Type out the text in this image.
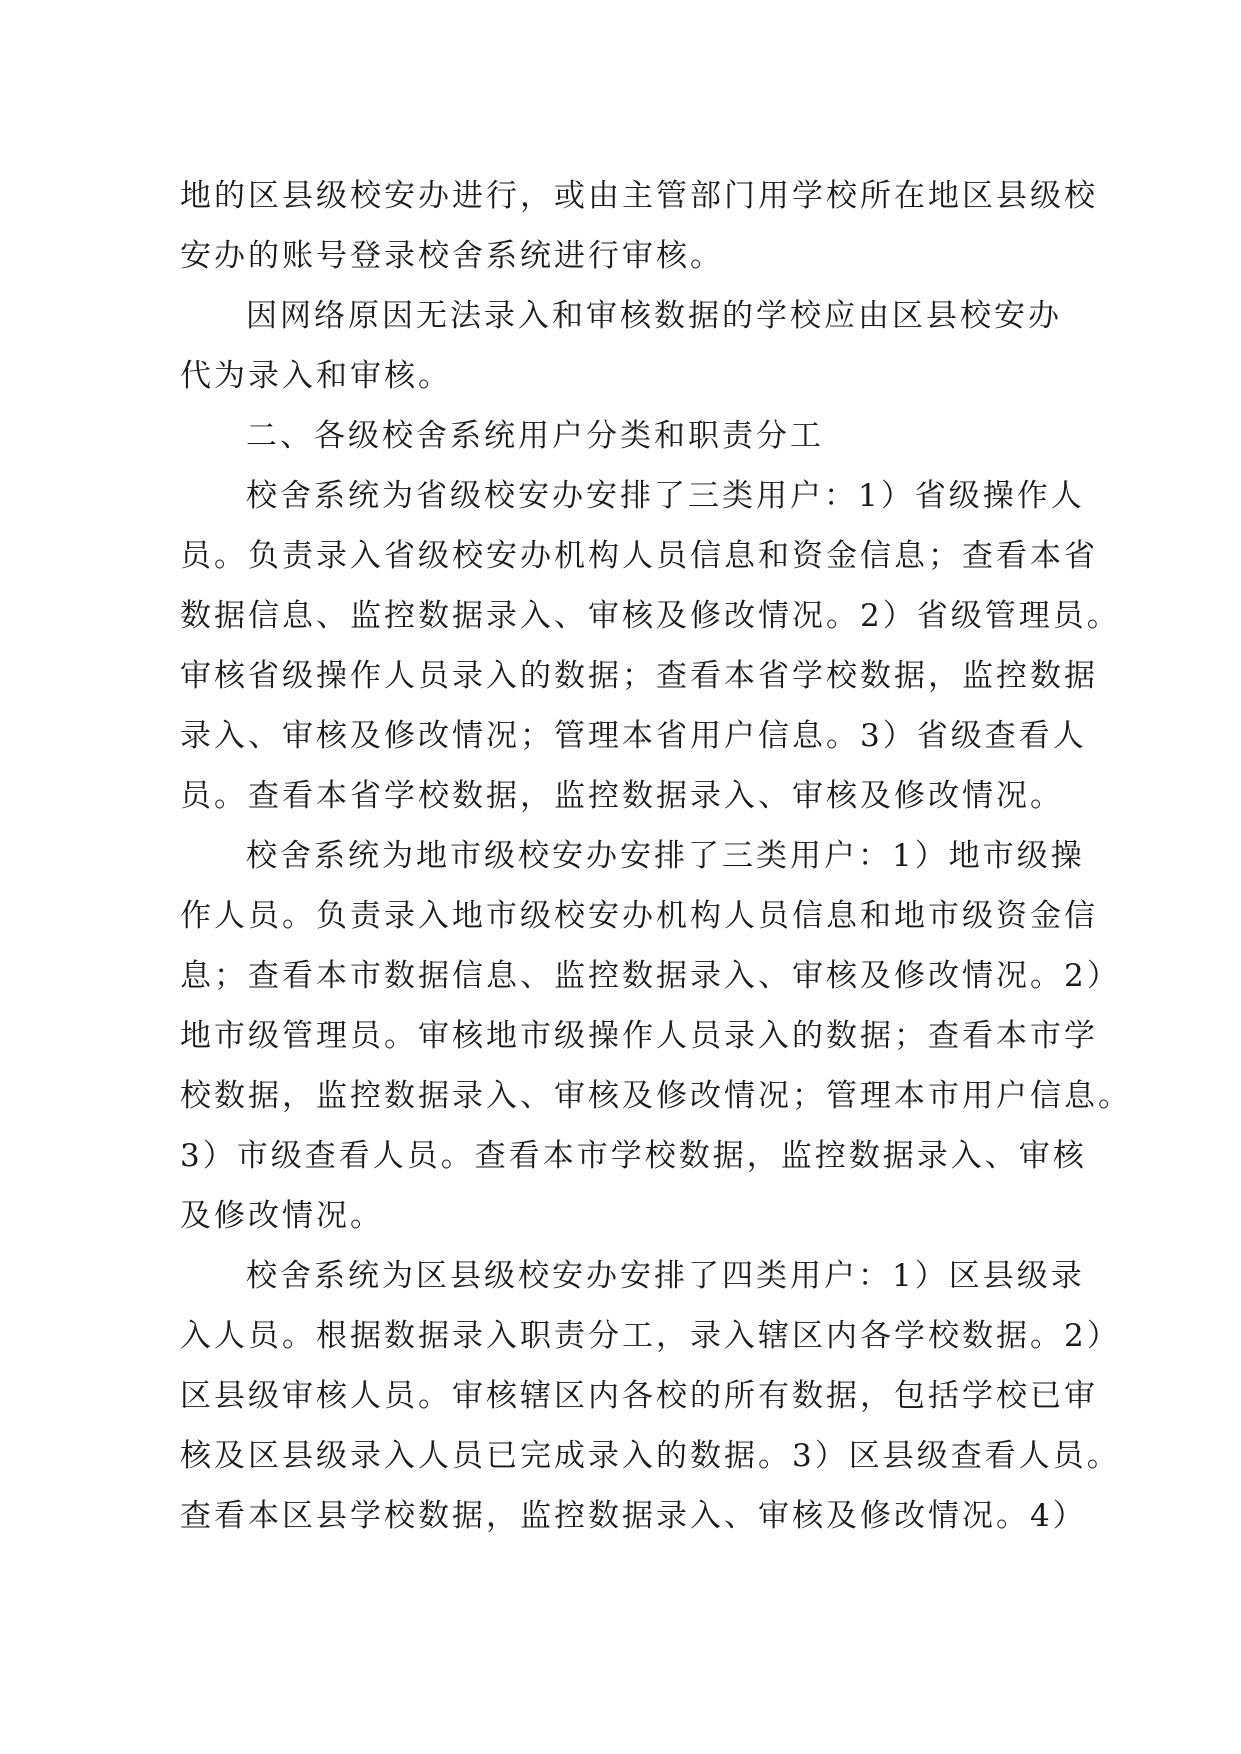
地的区县级校安办进行，或由主管部门用学校所在地区县级校
安办的账号登录校舍系统进行审核。
因网络原因无法录入和审核数据的学校应由区县校安办
代为录入和审核。
二、各级校舍系统用户分类和职责分工
校舍系统为省级校安办安排了三类用户：1）省级操作人
员。负责录入省级校安办机构人员信息和资金信息；查看本省
数据信息、监控数据录入、审核及修改情况。2）省级管理员。
审核省级操作人员录入的数据；查看本省学校数据，监控数据
录入、审核及修改情况；管理本省用户信息。3）省级查看人
员。查看本省学校数据，监控数据录入、审核及修改情况。
校舍系统为地市级校安办安排了三类用户：1）地市级操
作人员。负责录入地市级校安办机构人员信息和地市级资金信
息；查看本市数据信息、监控数据录入、审核及修改情况。2）
地市级管理员。审核地市级操作人员录入的数据；查看本市学
校数据，监控数据录入、审核及修改情况；管理本市用户信息。
3）市级查看人员。查看本市学校数据，监控数据录入、审核
及修改情况。
校舍系统为区县级校安办安排了四类用户：1）区县级录
入人员。根据数据录入职责分工，录入辖区内各学校数据。2）
区县级审核人员。审核辖区内各校的所有数据，包括学校已审
核及区县级录入人员已完成录入的数据。3）区县级查看人员。
查看本区县学校数据，监控数据录入、审核及修改情况。4）
